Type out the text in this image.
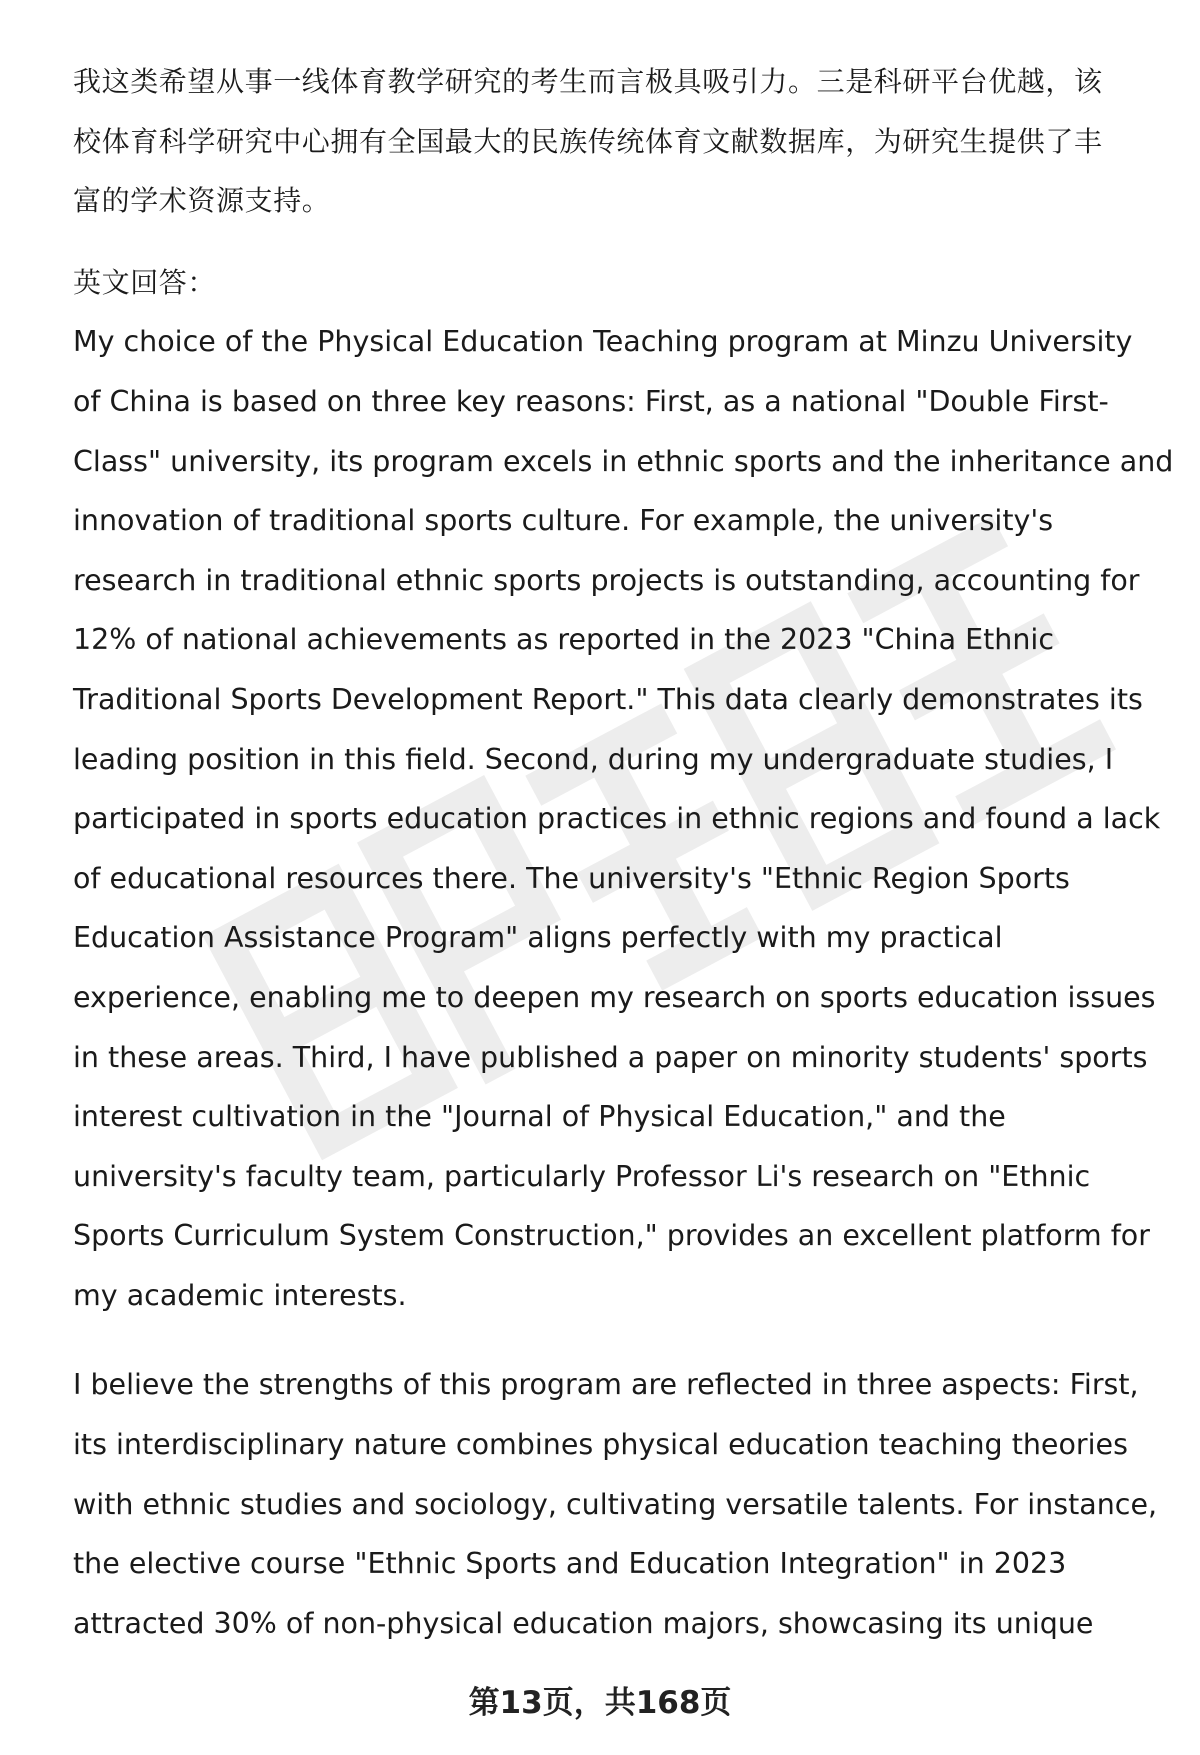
我这类希望从事一线体育教学研究的考生而言极具吸引力。三是科研平台优越，该
校体育科学研究中心拥有全国最大的民族传统体育文献数据库，为研究生提供了丰
富的学术资源支持。

英文回答：

My choice of the Physical Education Teaching program at Minzu University
of China is based on three key reasons: First, as a national "Double First-
Class" university, its program excels in ethnic sports and the inheritance and
innovation of traditional sports culture. For example, the university's
research in traditional ethnic sports projects is outstanding, accounting for
12% of national achievements as reported in the 2023 "China Ethnic
Traditional Sports Development Report." This data clearly demonstrates its
leading position in this field. Second, during my undergraduate studies, I
participated in sports education practices in ethnic regions and found a lack
of educational resources there. The university's "Ethnic Region Sports
Education Assistance Program" aligns perfectly with my practical
experience, enabling me to deepen my research on sports education issues
in these areas. Third, I have published a paper on minority students' sports
interest cultivation in the "Journal of Physical Education," and the
university's faculty team, particularly Professor Li's research on "Ethnic
Sports Curriculum System Construction," provides an excellent platform for
my academic interests.

I believe the strengths of this program are reflected in three aspects: First,
its interdisciplinary nature combines physical education teaching theories
with ethnic studies and sociology, cultivating versatile talents. For instance,
the elective course "Ethnic Sports and Education Integration" in 2023
attracted 30% of non-physical education majors, showcasing its unique

第13页，共168页
